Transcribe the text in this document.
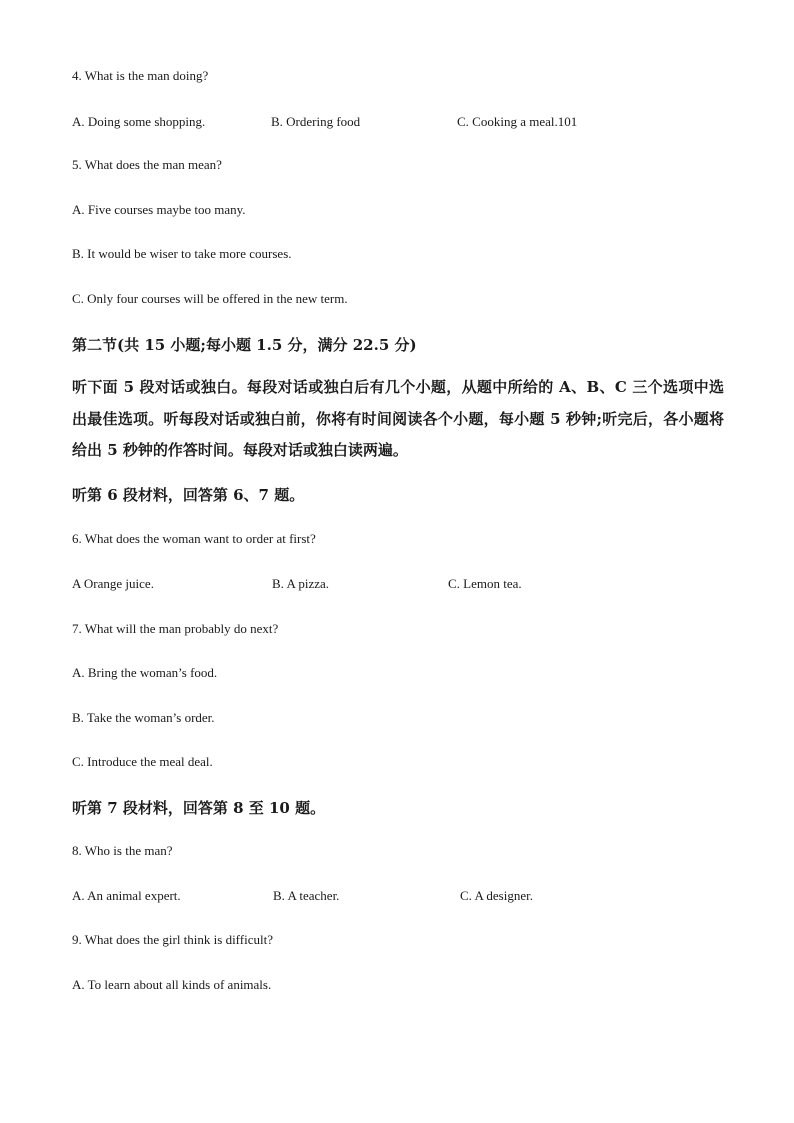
4. What is the man doing?
A. Doing some shopping.	B. Ordering food	C. Cooking a meal.101
5. What does the man mean?
A. Five courses maybe too many.
B. It would be wiser to take more courses.
C. Only four courses will be offered in the new term.
第二节(共 15 小题;每小题 1.5 分，满分 22.5 分)
听下面 5 段对话或独白。每段对话或独白后有几个小题，从题中所给的 A、B、C 三个选项中选出最佳选项。听每段对话或独白前，你将有时间阅读各个小题，每小题 5 秒钟;听完后，各小题将给出 5 秒钟的作答时间。每段对话或独白读两遍。
听第 6 段材料，回答第 6、7 题。
6. What does the woman want to order at first?
A Orange juice.	B. A pizza.	C. Lemon tea.
7. What will the man probably do next?
A. Bring the woman’s food.
B. Take the woman’s order.
C. Introduce the meal deal.
听第 7 段材料，回答第 8 至 10 题。
8. Who is the man?
A. An animal expert.	B. A teacher.	C. A designer.
9. What does the girl think is difficult?
A. To learn about all kinds of animals.
